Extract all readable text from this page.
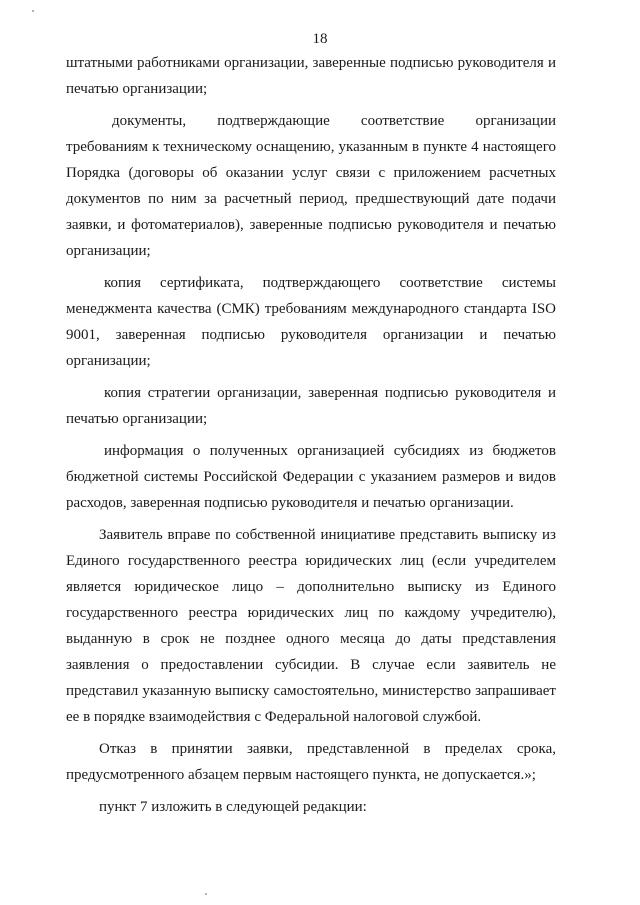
18

штатными работниками организации, заверенные подписью руководителя и печатью организации;

документы, подтверждающие соответствие организации требованиям к техническому оснащению, указанным в пункте 4 настоящего Порядка (договоры об оказании услуг связи с приложением расчетных документов по ним за расчетный период, предшествующий дате подачи заявки, и фотоматериалов), заверенные подписью руководителя и печатью организации;

копия сертификата, подтверждающего соответствие системы менеджмента качества (СМК) требованиям международного стандарта ISO 9001, заверенная подписью руководителя организации и печатью организации;

копия стратегии организации, заверенная подписью руководителя и печатью организации;

информация о полученных организацией субсидиях из бюджетов бюджетной системы Российской Федерации с указанием размеров и видов расходов, заверенная подписью руководителя и печатью организации.

Заявитель вправе по собственной инициативе представить выписку из Единого государственного реестра юридических лиц (если учредителем является юридическое лицо – дополнительно выписку из Единого государственного реестра юридических лиц по каждому учредителю), выданную в срок не позднее одного месяца до даты представления заявления о предоставлении субсидии. В случае если заявитель не представил указанную выписку самостоятельно, министерство запрашивает ее в порядке взаимодействия с Федеральной налоговой службой.

Отказ в принятии заявки, представленной в пределах срока, предусмотренного абзацем первым настоящего пункта, не допускается.»;

пункт 7 изложить в следующей редакции:
